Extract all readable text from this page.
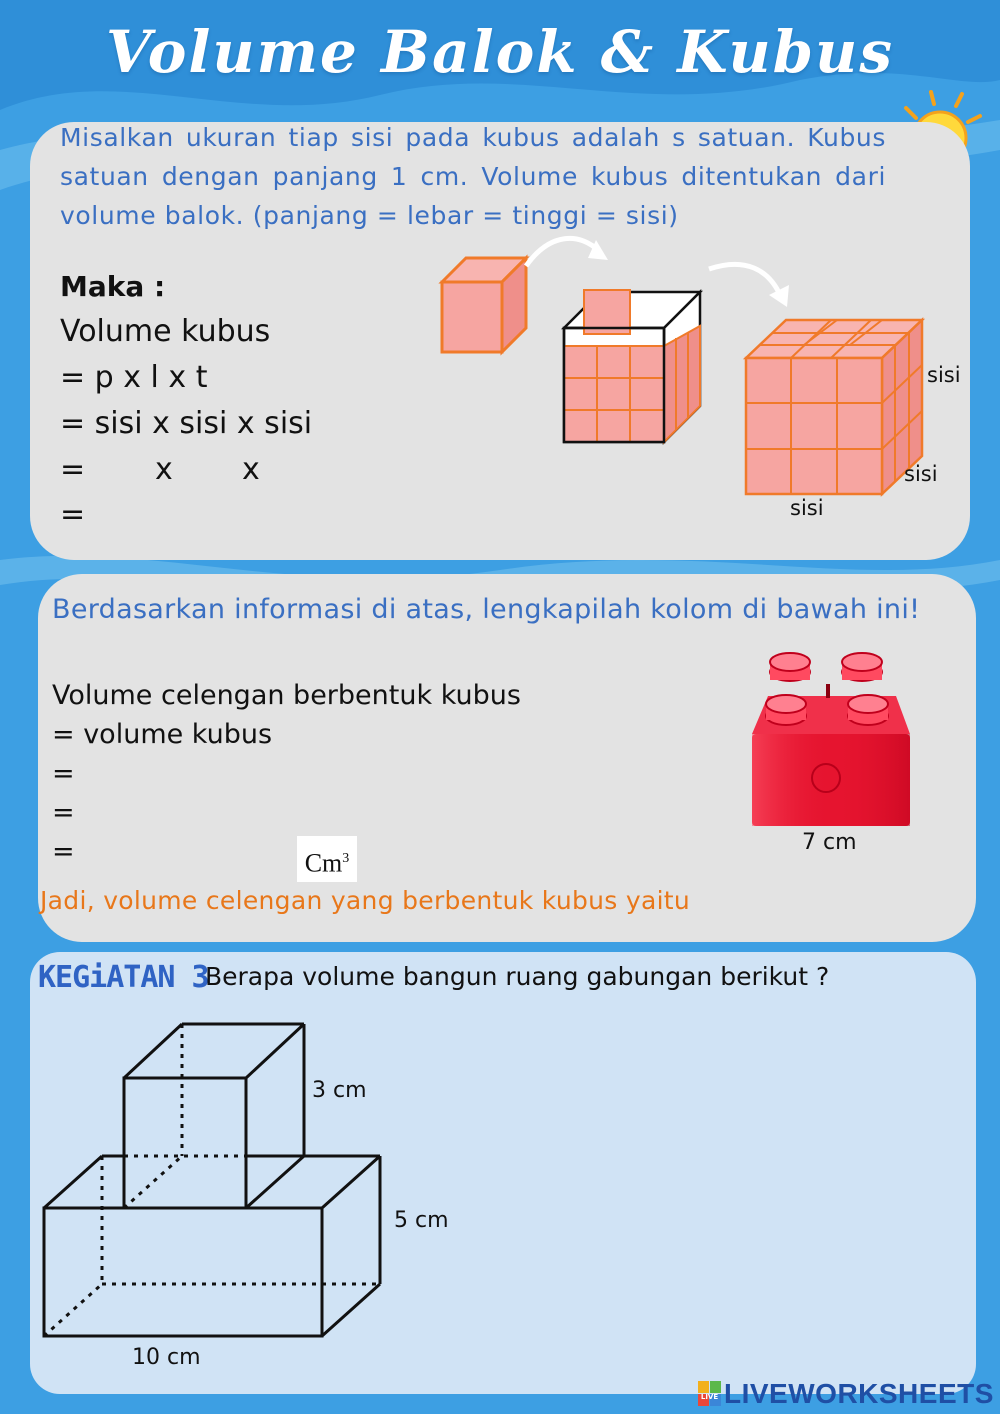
Volume Balok & Kubus
Misalkan ukuran tiap sisi pada kubus adalah s satuan. Kubus satuan dengan panjang 1 cm. Volume kubus ditentukan dari volume balok. (panjang = lebar = tinggi = sisi)
Maka :
Volume kubus
= p x l x t
= sisi x sisi x sisi
= x x
=
sisi
sisi
sisi
Berdasarkan informasi di atas, lengkapilah kolom di bawah ini!
Volume celengan berbentuk kubus
= volume kubus
=
=
=	$Cm^3$
7 cm
Jadi, volume celengan yang berbentuk kubus yaitu
KEGiATAN 3
Berapa volume bangun ruang gabungan berikut ?
3 cm
5 cm
10 cm
LIVE LIVEWORKSHEETS
